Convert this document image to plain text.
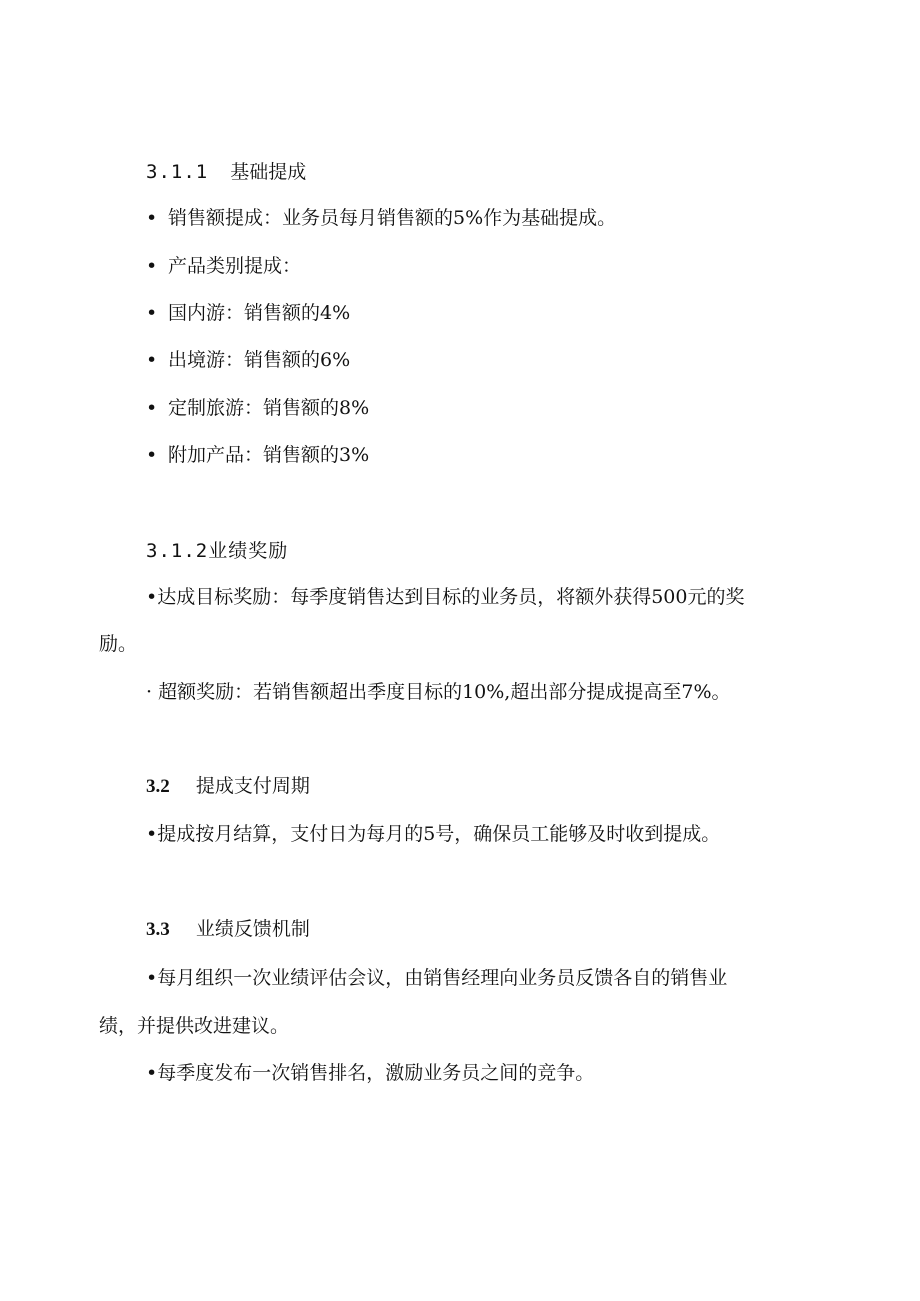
3.1.1 基础提成
• 销售额提成：业务员每月销售额的5%作为基础提成。
• 产品类别提成：
• 国内游：销售额的4%
• 出境游：销售额的6%
• 定制旅游：销售额的8%
• 附加产品：销售额的3%
3.1.2业绩奖励
•达成目标奖励：每季度销售达到目标的业务员，将额外获得500元的奖
励。
· 超额奖励：若销售额超出季度目标的10%,超出部分提成提高至7%。
3.2 提成支付周期
•提成按月结算，支付日为每月的5号，确保员工能够及时收到提成。
3.3 业绩反馈机制
•每月组织一次业绩评估会议，由销售经理向业务员反馈各自的销售业
绩，并提供改进建议。
•每季度发布一次销售排名，激励业务员之间的竞争。
